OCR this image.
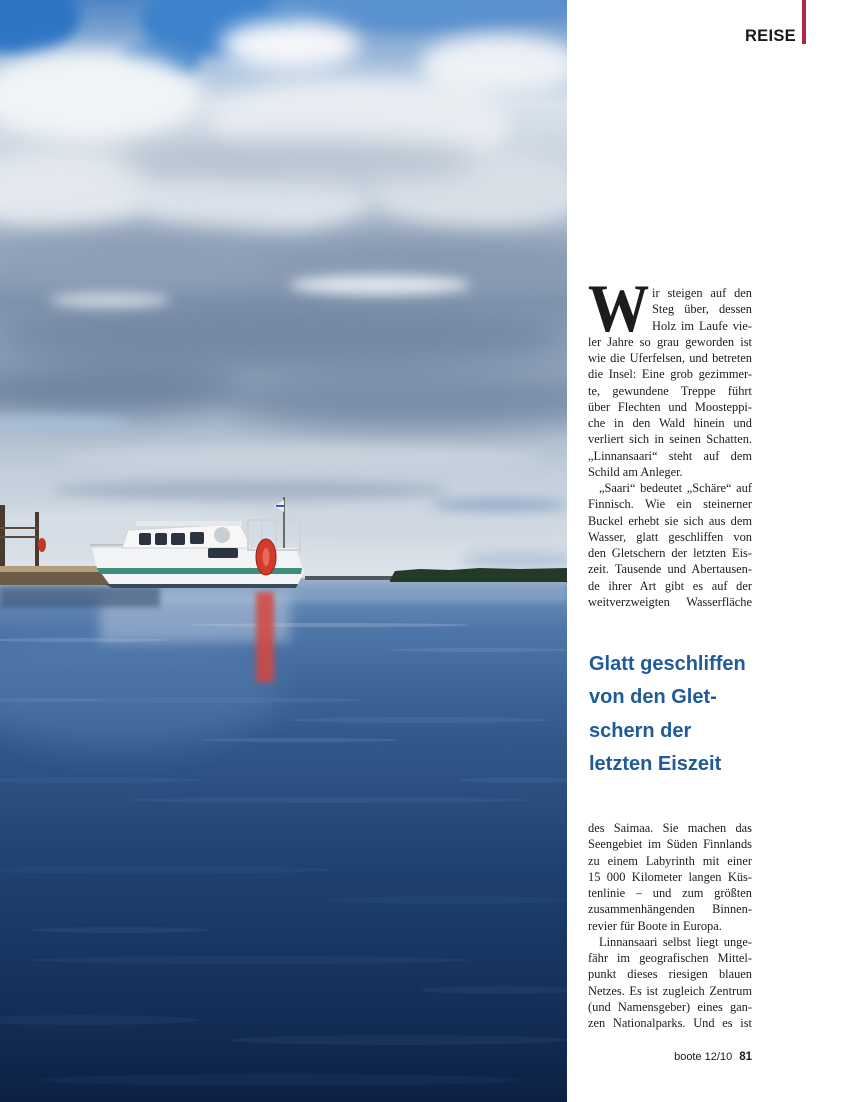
REISE
W ir steigen auf den
Steg über, dessen
Holz im Laufe vie-
ler Jahre so grau geworden ist
wie die Uferfelsen, und betreten
die Insel: Eine grob gezimmer-
te, gewundene Treppe führt
über Flechten und Moosteppi-
che in den Wald hinein und
verliert sich in seinen Schatten.
„Linnansaari“ steht auf dem
Schild am Anleger.
„Saari“ bedeutet „Schäre“ auf
Finnisch. Wie ein steinerner
Buckel erhebt sie sich aus dem
Wasser, glatt geschliffen von
den Gletschern der letzten Eis-
zeit. Tausende und Abertausen-
de ihrer Art gibt es auf der
weitverzweigten Wasserfläche
Glatt geschliffen
von den Glet-
schern der
letzten Eiszeit
des Saimaa. Sie machen das
Seengebiet im Süden Finnlands
zu einem Labyrinth mit einer
15 000 Kilometer langen Küs-
tenlinie – und zum größten
zusammenhängenden Binnen-
revier für Boote in Europa.
Linnansaari selbst liegt unge-
fähr im geografischen Mittel-
punkt dieses riesigen blauen
Netzes. Es ist zugleich Zentrum
(und Namensgeber) eines gan-
zen Nationalparks. Und es ist
boote 12/10 81
